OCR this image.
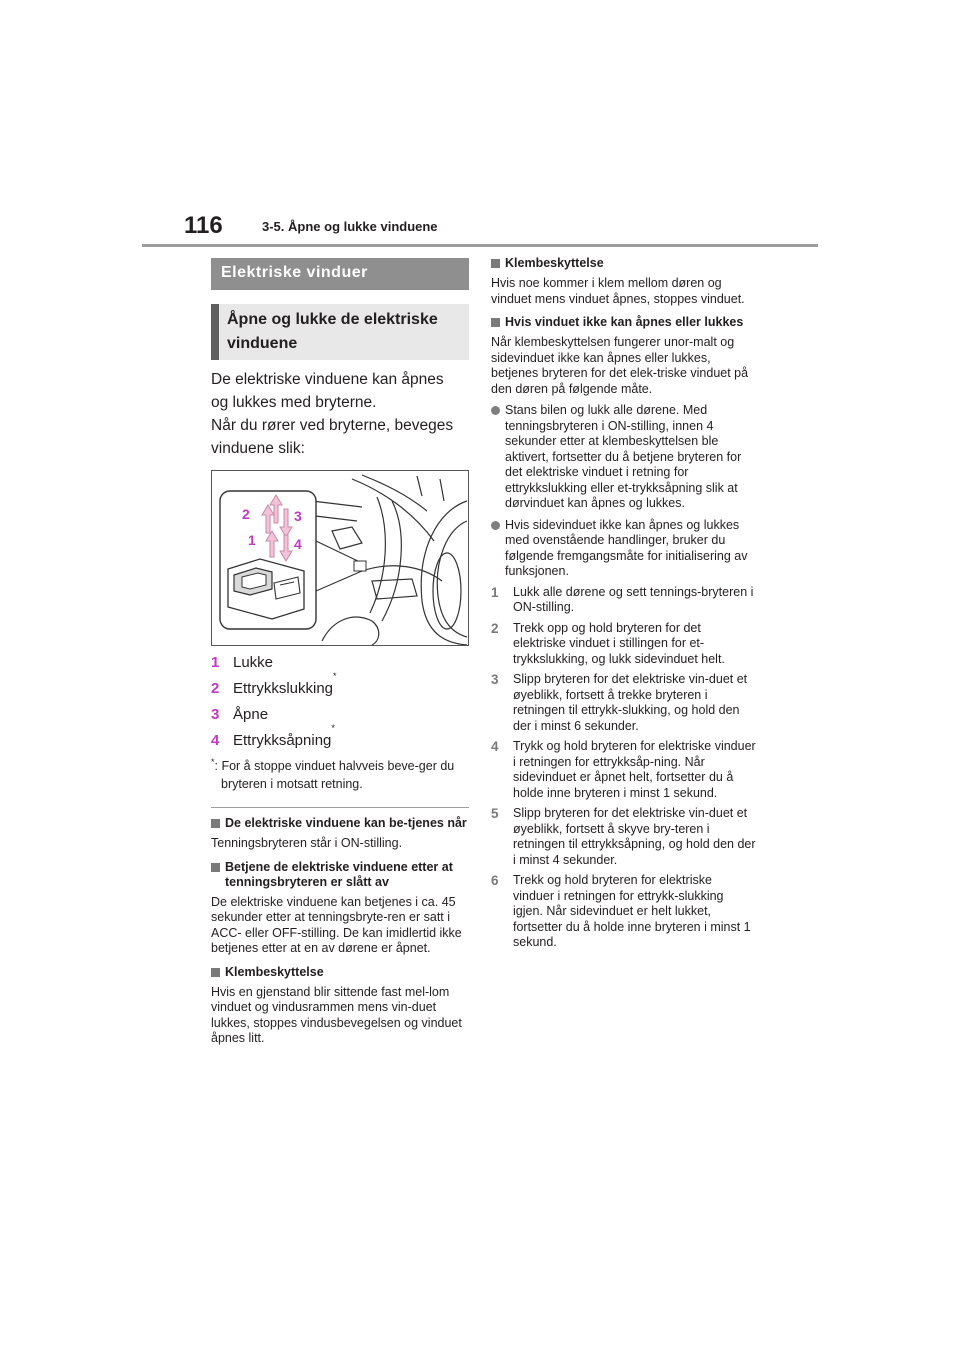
116	3-5. Åpne og lukke vinduene
Elektriske vinduer
Åpne og lukke de elektriske
vinduene
De elektriske vinduene kan åpnes
og lukkes med bryterne.
Når du rører ved bryterne, beveges
vinduene slik:
2	3
1	4
1 Lukke
2 Ettrykkslukking
*
3 Åpne
4 Ettrykksåpning
*
*: For å stoppe vinduet halvveis beve-ger du bryteren i motsatt retning.
De elektriske vinduene kan be-tjenes når
Tenningsbryteren står i ON-stilling.
Betjene de elektriske vinduene etter at tenningsbryteren er slått av
De elektriske vinduene kan betjenes i ca. 45 sekunder etter at tenningsbryte-ren er satt i ACC- eller OFF-stilling. De kan imidlertid ikke betjenes etter at en av dørene er åpnet.
Klembeskyttelse
Hvis en gjenstand blir sittende fast mel-lom vinduet og vindusrammen mens vin-duet lukkes, stoppes vindusbevegelsen og vinduet åpnes litt.
Klembeskyttelse
Hvis noe kommer i klem mellom døren og vinduet mens vinduet åpnes, stoppes vinduet.
Hvis vinduet ikke kan åpnes eller lukkes
Når klembeskyttelsen fungerer unor-malt og sidevinduet ikke kan åpnes eller lukkes, betjenes bryteren for det elek-triske vinduet på den døren på følgende måte.
Stans bilen og lukk alle dørene. Med tenningsbryteren i ON-stilling, innen 4 sekunder etter at klembeskyttelsen ble aktivert, fortsetter du å betjene bryteren for det elektriske vinduet i retning for ettrykkslukking eller et-trykksåpning slik at dørvinduet kan åpnes og lukkes.
Hvis sidevinduet ikke kan åpnes og lukkes med ovenstående handlinger, bruker du følgende fremgangsmåte for initialisering av funksjonen.
1	Lukk alle dørene og sett tennings-bryteren i ON-stilling.
2	Trekk opp og hold bryteren for det elektriske vinduet i stillingen for et-trykkslukking, og lukk sidevinduet helt.
3	Slipp bryteren for det elektriske vin-duet et øyeblikk, fortsett å trekke bryteren i retningen til ettrykk-slukking, og hold den der i minst 6 sekunder.
4	Trykk og hold bryteren for elektriske vinduer i retningen for ettrykksåp-ning. Når sidevinduet er åpnet helt, fortsetter du å holde inne bryteren i minst 1 sekund.
5	Slipp bryteren for det elektriske vin-duet et øyeblikk, fortsett å skyve bry-teren i retningen til ettrykksåpning, og hold den der i minst 4 sekunder.
6	Trekk og hold bryteren for elektriske vinduer i retningen for ettrykk-slukking igjen. Når sidevinduet er helt lukket, fortsetter du å holde inne bryteren i minst 1 sekund.
